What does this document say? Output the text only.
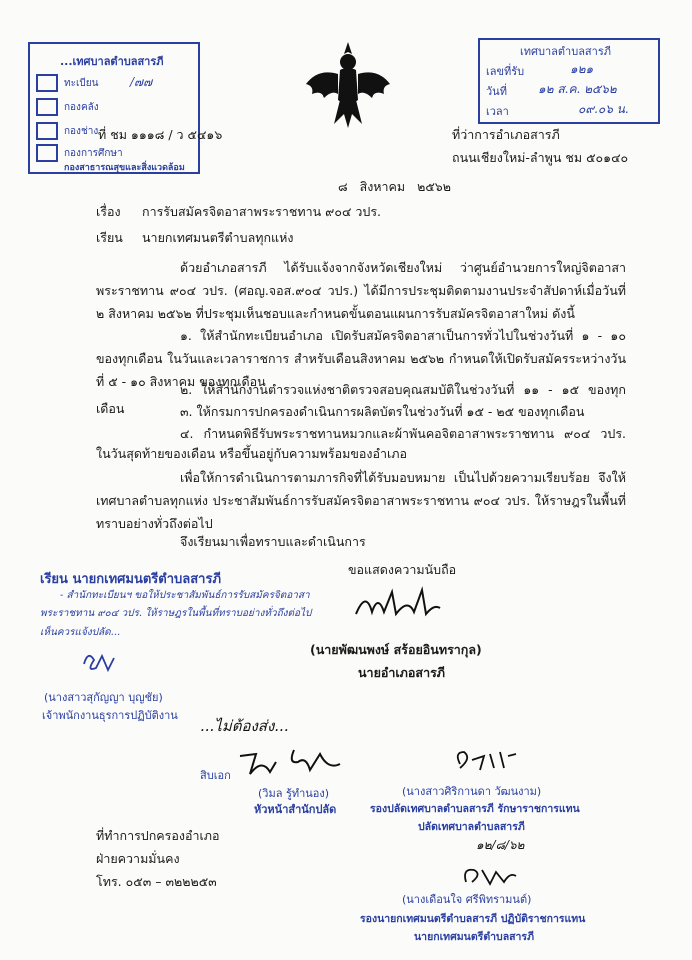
...เทศบาลตำบลสารภี
ทะเบียน	/๗๗
กองคลัง
กองช่าง
กองการศึกษา
กองสาธารณสุขและสิ่งแวดล้อม
เทศบาลตำบลสารภี
เลขที่รับ	๑๒๑
วันที่	๑๒ ส.ค. ๒๕๖๒
เวลา	๐๙.๐๖ น.
ที่ ชม ๑๑๑๘ / ว ๕๔๑๖	ที่ว่าการอำเภอสารภี
ถนนเชียงใหม่-ลำพูน ชม ๕๐๑๔๐
๘   สิงหาคม   ๒๕๖๒
เรื่อง การรับสมัครจิตอาสาพระราชทาน ๙๐๔ วปร.
เรียน นายกเทศมนตรีตำบลทุกแห่ง
ด้วยอำเภอสารภี ได้รับแจ้งจากจังหวัดเชียงใหม่ ว่าศูนย์อำนวยการใหญ่จิตอาสาพระราชทาน ๙๐๔ วปร. (ศอญ.จอส.๙๐๔ วปร.) ได้มีการประชุมติดตามงานประจำสัปดาห์เมื่อวันที่ ๒ สิงหาคม ๒๕๖๒ ที่ประชุมเห็นชอบและกำหนดขั้นตอนแผนการรับสมัครจิตอาสาใหม่ ดังนี้
๑. ให้สำนักทะเบียนอำเภอ เปิดรับสมัครจิตอาสาเป็นการทั่วไปในช่วงวันที่ ๑ - ๑๐ ของทุกเดือน ในวันและเวลาราชการ สำหรับเดือนสิงหาคม ๒๕๖๒ กำหนดให้เปิดรับสมัครระหว่างวันที่ ๕ - ๑๐ สิงหาคม ของทุกเดือน
๒. ให้สำนักงานตำรวจแห่งชาติตรวจสอบคุณสมบัติในช่วงวันที่ ๑๑ - ๑๕ ของทุกเดือน	๓. ให้กรมการปกครองดำเนินการผลิตบัตรในช่วงวันที่ ๑๕ - ๒๕ ของทุกเดือน
๔. กำหนดพิธีรับพระราชทานหมวกและผ้าพันคอจิตอาสาพระราชทาน ๙๐๔ วปร. ในวันสุดท้ายของเดือน หรือขึ้นอยู่กับความพร้อมของอำเภอ
เพื่อให้การดำเนินการตามภารกิจที่ได้รับมอบหมาย เป็นไปด้วยความเรียบร้อย จึงให้เทศบาลตำบลทุกแห่ง ประชาสัมพันธ์การรับสมัครจิตอาสาพระราชทาน ๙๐๔ วปร. ให้ราษฎรในพื้นที่ทราบอย่างทั่วถึงต่อไป
จึงเรียนมาเพื่อทราบและดำเนินการ
ขอแสดงความนับถือ
(นายพัฒนพงษ์ สร้อยอินทรากุล)
นายอำเภอสารภี
เรียน นายกเทศมนตรีตำบลสารภี
- สำนักทะเบียนฯ ขอให้ประชาสัมพันธ์การรับสมัครจิตอาสา
พระราชทาน ๙๐๔ วปร. ให้ราษฎรในพื้นที่ทราบอย่างทั่วถึงต่อไป
เห็นควรแจ้งปลัด...
(นางสาวสุกัญญา บุญชัย)
เจ้าพนักงานธุรการปฏิบัติงาน
...ไม่ต้องส่ง...
สิบเอก
(วิมล รู้ทำนอง)
หัวหน้าสำนักปลัด
(นางสาวศิริกานดา วัฒนงาม)
รองปลัดเทศบาลตำบลสารภี รักษาราชการแทน
ปลัดเทศบาลตำบลสารภี
๑๒/๘/๖๒
ที่ทำการปกครองอำเภอ
ฝ่ายความมั่นคง
โทร. ๐๕๓ – ๓๒๒๒๕๓
(นางเดือนใจ ศรีพิทรามนต์)
รองนายกเทศมนตรีตำบลสารภี ปฏิบัติราชการแทน
นายกเทศมนตรีตำบลสารภี
